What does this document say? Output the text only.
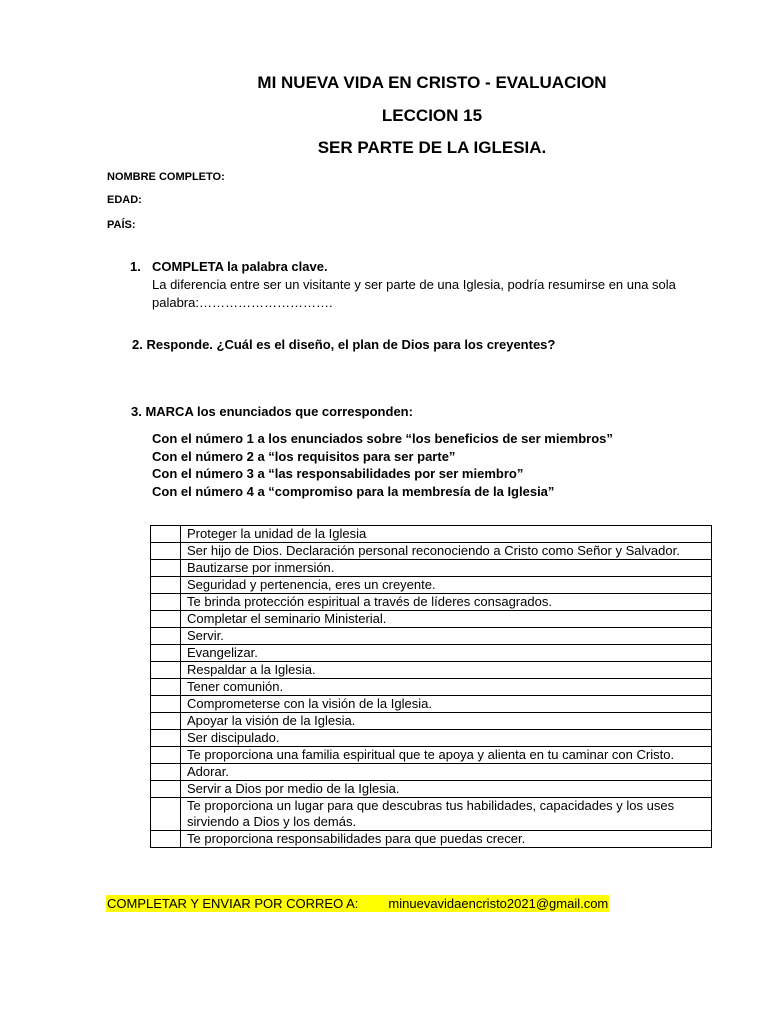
MI NUEVA VIDA EN CRISTO - EVALUACION
LECCION 15
SER PARTE DE LA IGLESIA.
NOMBRE COMPLETO:
EDAD:
PAÍS:
1. COMPLETA la palabra clave.
La diferencia entre ser un visitante y ser parte de una Iglesia, podría resumirse en una sola palabra:………………………….
2. Responde. ¿Cuál es el diseño, el plan de Dios para los creyentes?
3. MARCA los enunciados que corresponden:
Con el número 1 a los enunciados sobre “los beneficios de ser miembros”
Con el número 2 a “los requisitos para ser parte”
Con el número 3 a “las responsabilidades por ser miembro”
Con el número 4 a “compromiso para la membresía de la Iglesia”
	Proteger la unidad de la Iglesia
	Ser hijo de Dios. Declaración personal reconociendo a Cristo como Señor y Salvador.
	Bautizarse por inmersión.
	Seguridad y pertenencia, eres un creyente.
	Te brinda protección espiritual a través de líderes consagrados.
	Completar el seminario Ministerial.
	Servir.
	Evangelizar.
	Respaldar a la Iglesia.
	Tener comunión.
	Comprometerse con la visión de la Iglesia.
	Apoyar la visión de la Iglesia.
	Ser discipulado.
	Te proporciona una familia espiritual que te apoya y alienta en tu caminar con Cristo.
	Adorar.
	Servir a Dios por medio de la Iglesia.
	Te proporciona un lugar para que descubras tus habilidades, capacidades y los uses sirviendo a Dios y los demás.
	Te proporciona responsabilidades para que puedas crecer.
COMPLETAR Y ENVIAR POR CORREO A: minuevavidaencristo2021@gmail.com
